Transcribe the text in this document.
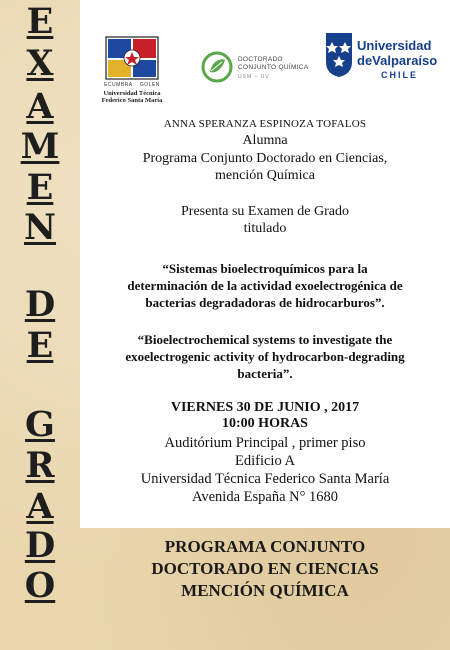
E
X
A
M
E
N
D
E
G
R
A
D
O
ECUMBRA GOLEN
Universidad Técnica
Federico Santa María
DOCTORADO
CONJUNTO QUÍMICA
USM – UV
Universidad
deValparaíso
CHILE
ANNA SPERANZA ESPINOZA TOFALOS
Alumna
Programa Conjunto Doctorado en Ciencias,
mención Química
Presenta su Examen de Grado
titulado
“Sistemas bioelectroquímicos para la
determinación de la actividad exoelectrogénica de
bacterias degradadoras de hidrocarburos”.
“Bioelectrochemical systems to investigate the
exoelectrogenic activity of hydrocarbon-degrading
bacteria”.
VIERNES 30 DE JUNIO , 2017
10:00 HORAS
Auditórium Principal , primer piso
Edificio A
Universidad Técnica Federico Santa María
Avenida España N° 1680
PROGRAMA CONJUNTO
DOCTORADO EN CIENCIAS
MENCIÓN QUÍMICA
